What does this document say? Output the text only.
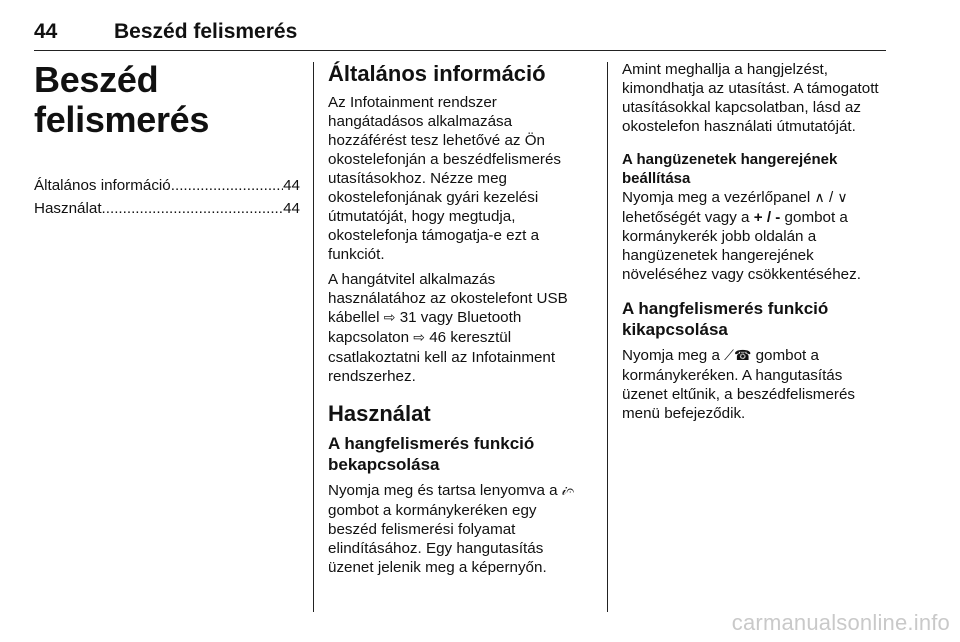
44	Beszéd felismerés
Beszéd felismerés
Általános információ .....	44
Használat .....	44
Általános információ

Az Infotainment rendszer hangátadásos alkalmazása hozzáférést tesz lehetővé az Ön okostelefonján a beszédfelismerés utasításokhoz. Nézze meg okostelefonjának gyári kezelési útmutatóját, hogy megtudja, okostelefonja támogatja-e ezt a funkciót.

A hangátvitel alkalmazás használatához az okostelefont USB kábellel ⇨ 31 vagy Bluetooth kapcsolaton ⇨ 46 keresztül csatlakoztatni kell az Infotainment rendszerhez.

Használat
A hangfelismerés funkció bekapcsolása

Nyomja meg és tartsa lenyomva a 𝒾𝄐 gombot a kormánykeréken egy beszéd felismerési folyamat elindításához. Egy hangutasítás üzenet jelenik meg a képernyőn.

Amint meghallja a hangjelzést, kimondhatja az utasítást. A támogatott utasításokkal kapcsolatban, lásd az okostelefon használati útmutatóját.

A hangüzenetek hangerejének beállítása

Nyomja meg a vezérlőpanel ∧ / ∨ lehetőségét vagy a + / - gombot a kormánykerék jobb oldalán a hangüzenetek hangerejének növeléséhez vagy csökkentéséhez.

A hangfelismerés funkció kikapcsolása

Nyomja meg a ⟋☎ gombot a kormánykeréken. A hangutasítás üzenet eltűnik, a beszédfelismerés menü befejeződik.

carmanualsonline.info
